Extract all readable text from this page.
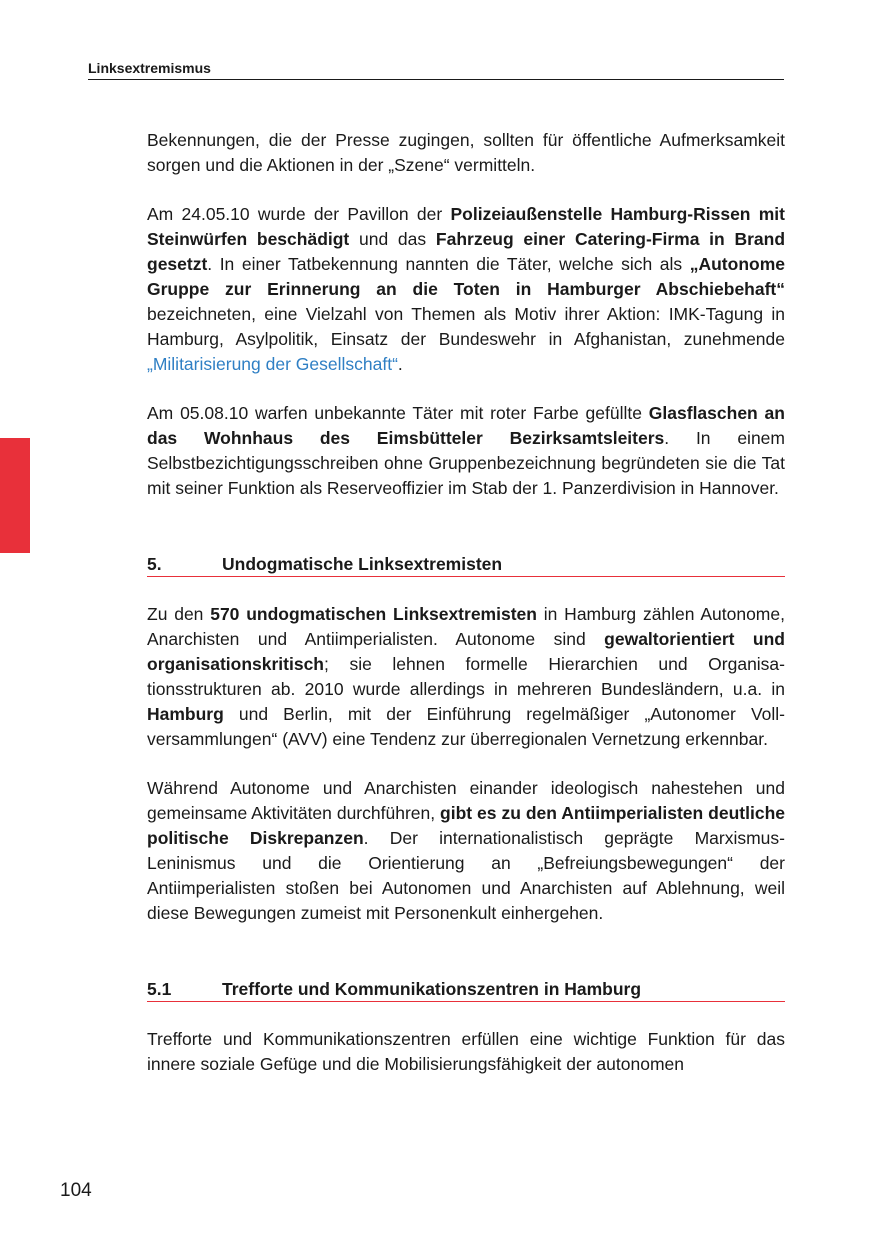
Linksextremismus

Bekennungen, die der Presse zugingen, sollten für öffentliche Aufmerksamkeit sorgen und die Aktionen in der „Szene“ vermitteln.

Am 24.05.10 wurde der Pavillon der Polizeiaußenstelle Hamburg-Rissen mit Steinwürfen beschädigt und das Fahrzeug einer Catering-Firma in Brand gesetzt. In einer Tatbekennung nannten die Täter, welche sich als „Autonome Gruppe zur Erinnerung an die Toten in Hamburger Abschiebehaft“ bezeichneten, eine Vielzahl von Themen als Motiv ihrer Aktion: IMK-Tagung in Hamburg, Asylpolitik, Einsatz der Bundeswehr in Afghanistan, zunehmende „Militarisierung der Gesellschaft“.

Am 05.08.10 warfen unbekannte Täter mit roter Farbe gefüllte Glasflaschen an das Wohnhaus des Eimsbütteler Bezirksamtsleiters. In einem Selbstbezichtigungsschreiben ohne Gruppenbezeichnung begründeten sie die Tat mit seiner Funktion als Reserveoffizier im Stab der 1. Panzerdivision in Hannover.

5.	Undogmatische Linksextremisten

Zu den 570 undogmatischen Linksextremisten in Hamburg zählen Autonome, Anarchisten und Antiimperialisten. Autonome sind gewaltorientiert und organisationskritisch; sie lehnen formelle Hierarchien und Organisationsstrukturen ab. 2010 wurde allerdings in mehreren Bundesländern, u.a. in Hamburg und Berlin, mit der Einführung regelmäßiger „Autonomer Vollversammlungen“ (AVV) eine Tendenz zur überregionalen Vernetzung erkennbar.

Während Autonome und Anarchisten einander ideologisch nahestehen und gemeinsame Aktivitäten durchführen, gibt es zu den Antiimperialisten deutliche politische Diskrepanzen. Der internationalistisch geprägte Marxismus-Leninismus und die Orientierung an „Befreiungsbewegungen“ der Antiimperialisten stoßen bei Autonomen und Anarchisten auf Ablehnung, weil diese Bewegungen zumeist mit Personenkult einhergehen.

5.1	Trefforte und Kommunikationszentren in Hamburg

Trefforte und Kommunikationszentren erfüllen eine wichtige Funktion für das innere soziale Gefüge und die Mobilisierungsfähigkeit der autonomen

104
